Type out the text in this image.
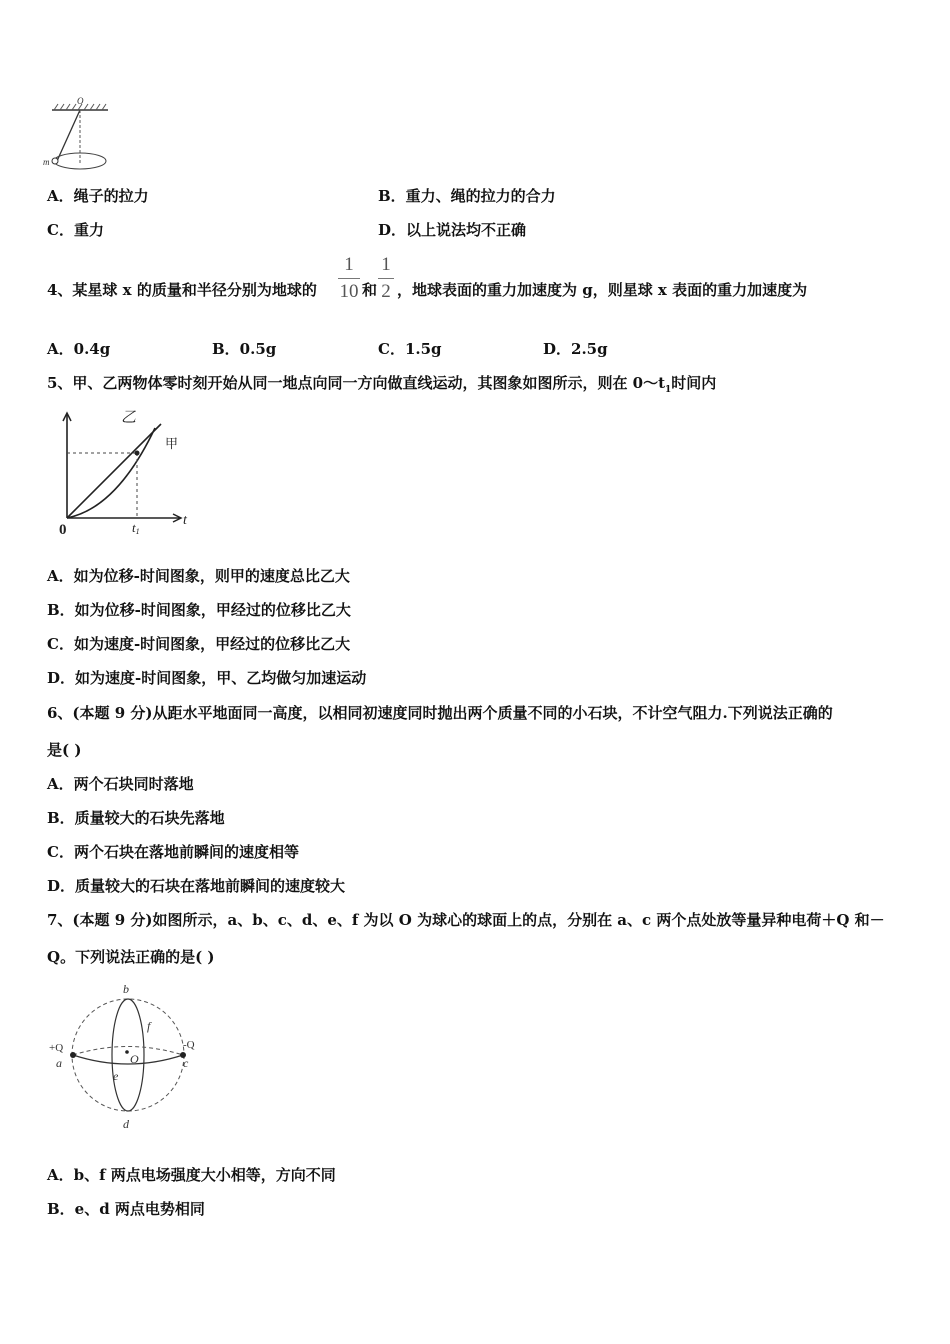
O
m
A．绳子的拉力	B．重力、绳的拉力的合力
C．重力	D．以上说法均不正确
4、某星球 x 的质量和半径分别为地球的
1
10 和
1
2 ，地球表面的重力加速度为 g，则星球 x 表面的重力加速度为
A．0.4g	B．0.5g	C．1.5g	D．2.5g
5、甲、乙两物体零时刻开始从同一地点向同一方向做直线运动，其图象如图所示，则在 $0\sim t_1$时间内
乙
甲
0	t1
t
A．如为位移-时间图象，则甲的速度总比乙大
B．如为位移-时间图象，甲经过的位移比乙大
C．如为速度-时间图象，甲经过的位移比乙大
D．如为速度-时间图象，甲、乙均做匀加速运动
6、(本题 9 分)从距水平地面同一高度，以相同初速度同时抛出两个质量不同的小石块，不计空气阻力.下列说法正确的
是( )
A．两个石块同时落地
B．质量较大的石块先落地
C．两个石块在落地前瞬间的速度相等
D．质量较大的石块在落地前瞬间的速度较大
7、(本题 9 分)如图所示，a、b、c、d、e、f 为以 O 为球心的球面上的点，分别在 a、c 两个点处放等量异种电荷＋Q 和－
Q。下列说法正确的是( )
b
d
f
O
e
a	c
+Q	-Q
A．b、f 两点电场强度大小相等，方向不同
B．e、d 两点电势相同
